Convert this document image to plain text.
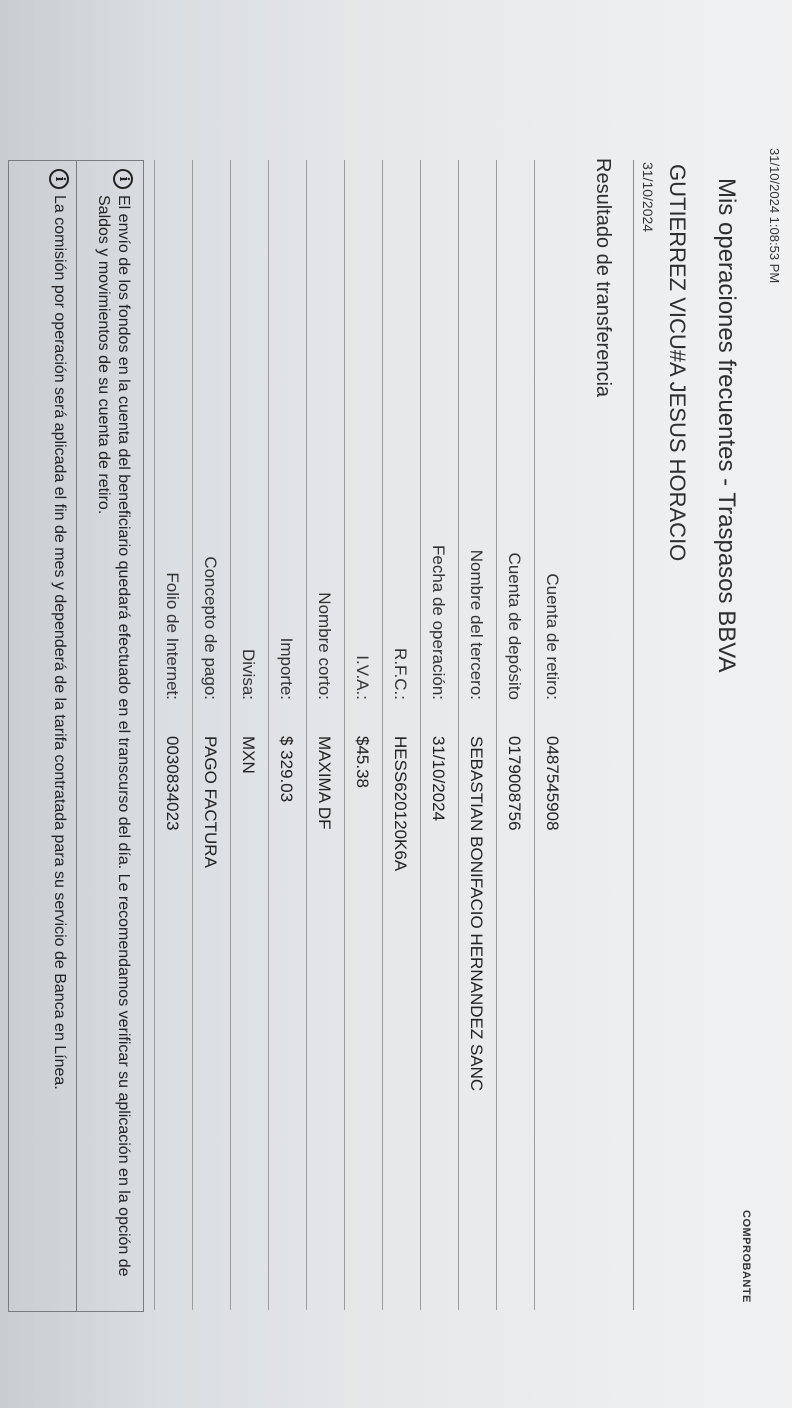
31/10/2024 1:08:53 PM
COMPROBANTE
Mis operaciones frecuentes - Traspasos BBVA
GUTIERREZ VICU#A JESUS HORACIO
31/10/2024
Resultado de transferencia
Cuenta de retiro:
0487545908
Cuenta de depósito
0179008756
Nombre del tercero:
SEBASTIAN BONIFACIO HERNANDEZ SANC
Fecha de operación:
31/10/2024
R.F.C.:
HESS620120K6A
I.V.A.:
$45.38
Nombre corto:
MAXIMA DF
Importe:
$ 329.03
Divisa:
MXN
Concepto de pago:
PAGO FACTURA
Folio de Internet:
0030834023
i
El envío de los fondos en la cuenta del beneficiario quedará efectuado en el transcurso del día. Le recomendamos verificar su aplicación en la opción de Saldos y movimientos de su cuenta de retiro.
i
La comisión por operación será aplicada el fin de mes y dependerá de la tarifa contratada para su servicio de Banca en Línea.
